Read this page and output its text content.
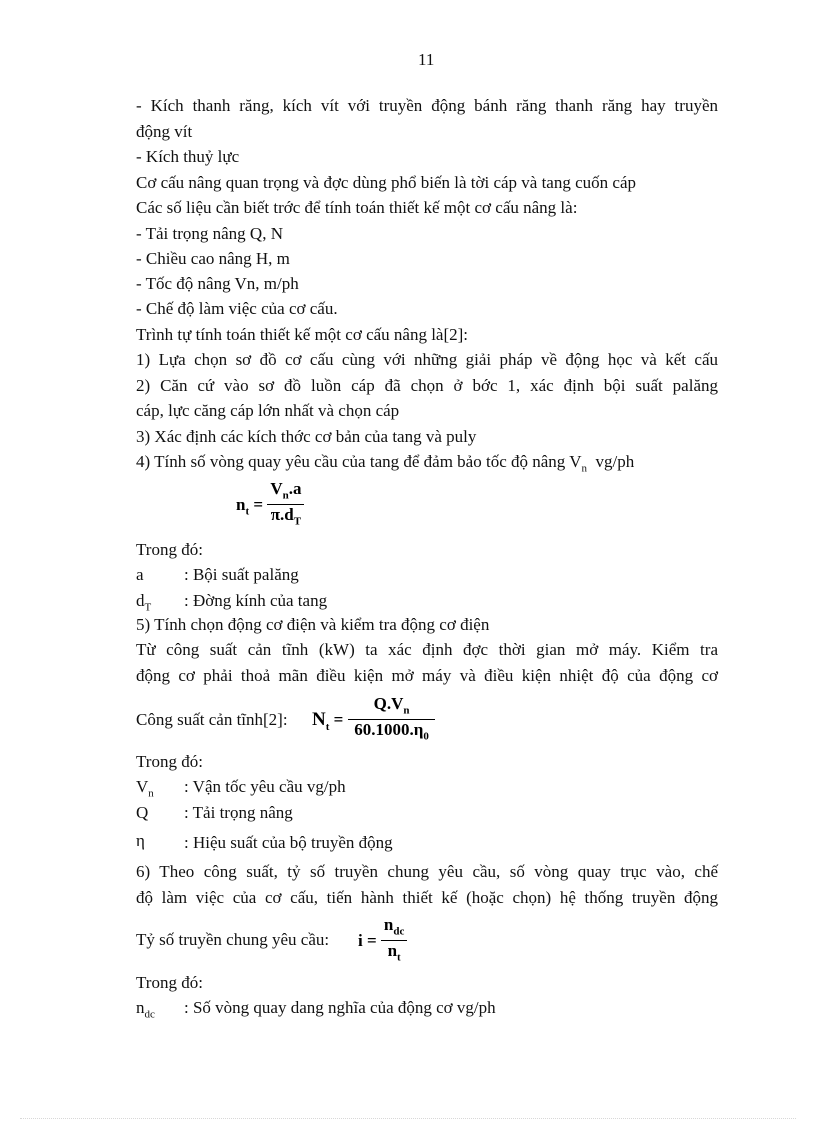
11
- Kích thanh răng, kích vít với truyền động bánh răng thanh răng hay truyền
động vít
- Kích thuỷ lực
Cơ cấu nâng quan trọng và đợc dùng phổ biến là tời cáp và tang cuốn cáp
Các số liệu cần biết trớc để tính toán thiết kế một cơ cấu nâng là:
- Tải trọng nâng Q, N
- Chiều cao nâng H, m
- Tốc độ nâng Vn, m/ph
- Chế độ làm việc của cơ cấu.
Trình tự tính toán thiết kế một cơ cấu nâng là[2]:
1) Lựa chọn sơ đồ cơ cấu cùng với những giải pháp về động học và kết cấu
2) Căn cứ vào sơ đồ luồn cáp đã chọn ở bớc 1, xác định bội suất palăng
cáp, lực căng cáp lớn nhất và chọn cáp
3) Xác định các kích thớc cơ bản của tang và puly
4) Tính số vòng quay yêu cầu của tang để đảm bảo tốc độ nâng $V_n$ vg/ph
$n_t = \frac{V_n.a}{\pi.d_T}$
Trong đó:
a : Bội suất palăng
$d_T$ : Đờng kính của tang
5) Tính chọn động cơ điện và kiểm tra động cơ điện
Từ công suất cản tĩnh (kW) ta xác định đợc thời gian mở máy. Kiểm tra
động cơ phải thoả mãn điều kiện mở máy và điều kiện nhiệt độ của động cơ
Công suất cản tĩnh[2]: $N_t = \frac{Q.V_n}{60.1000.\eta_0}$
Trong đó:
$V_n$ : Vận tốc yêu cầu vg/ph
Q : Tải trọng nâng
η : Hiệu suất của bộ truyền động
6) Theo công suất, tỷ số truyền chung yêu cầu, số vòng quay trục vào, chế
độ làm việc của cơ cấu, tiến hành thiết kế (hoặc chọn) hệ thống truyền động
Tỷ số truyền chung yêu cầu: $i = \frac{n_{dc}}{n_t}$
Trong đó:
$n_{dc}$ : Số vòng quay dang nghĩa của động cơ vg/ph
